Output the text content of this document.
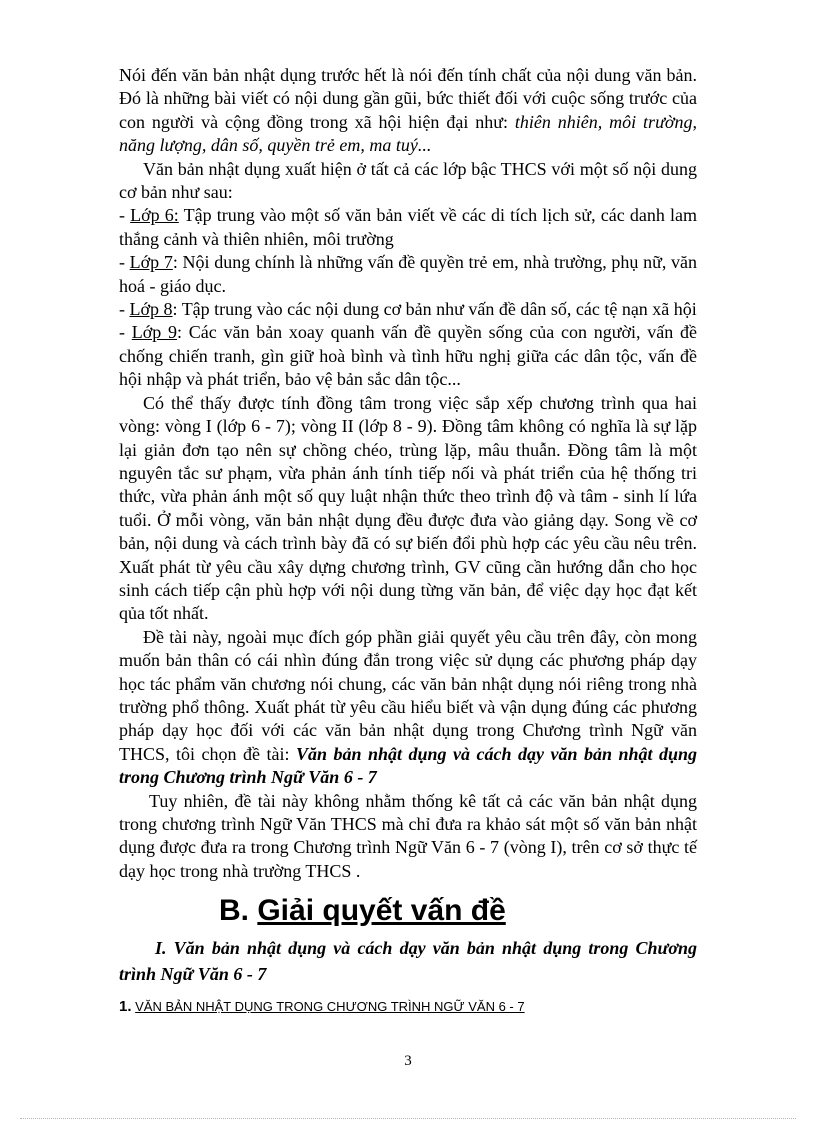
Nói đến văn bản nhật dụng trước hết là nói đến tính chất của nội dung văn bản. Đó là những bài viết có nội dung gần gũi, bức thiết đối với cuộc sống trước của con người và cộng đồng trong xã hội hiện đại như: thiên nhiên, môi trường, năng lượng, dân số, quyền trẻ em, ma tuý...

Văn bản nhật dụng xuất hiện ở tất cả các lớp bậc THCS với một số nội dung cơ bản như sau:

- Lớp 6: Tập trung vào một số văn bản viết về các di tích lịch sử, các danh lam thắng cảnh và thiên nhiên, môi trường

- Lớp 7: Nội dung chính là những vấn đề quyền trẻ em, nhà trường, phụ nữ, văn hoá - giáo dục.

- Lớp 8: Tập trung vào các nội dung cơ bản như vấn đề dân số, các tệ nạn xã hội

- Lớp 9: Các văn bản xoay quanh vấn đề quyền sống của con người, vấn đề chống chiến tranh, gìn giữ hoà bình và tình hữu nghị giữa các dân tộc, vấn đề hội nhập và phát triển, bảo vệ bản sắc dân tộc...

Có thể thấy được tính đồng tâm trong việc sắp xếp chương trình qua hai vòng: vòng I (lớp 6 - 7); vòng II (lớp 8 - 9). Đồng tâm không có nghĩa là sự lặp lại giản đơn tạo nên sự chồng chéo, trùng lặp, mâu thuẫn. Đồng tâm là một nguyên tắc sư phạm, vừa phản ánh tính tiếp nối và phát triển của hệ thống tri thức, vừa phản ánh một số quy luật nhận thức theo trình độ và tâm - sinh lí lứa tuổi. Ở mỗi vòng, văn bản nhật dụng đều được đưa vào giảng dạy. Song về cơ bản, nội dung và cách trình bày đã có sự biến đổi phù hợp các yêu cầu nêu trên. Xuất phát từ yêu cầu xây dựng chương trình, GV cũng cần hướng dẫn cho học sinh cách tiếp cận phù hợp với nội dung từng văn bản, để việc dạy học đạt kết qủa tốt nhất.

Đề tài này, ngoài mục đích góp phần giải quyết yêu cầu trên đây, còn mong muốn bản thân có cái nhìn đúng đắn trong việc sử dụng các phương pháp dạy học tác phẩm văn chương nói chung, các văn bản nhật dụng nói riêng trong nhà trường phổ thông. Xuất phát từ yêu cầu hiểu biết và vận dụng đúng các phương pháp dạy học đối với các văn bản nhật dụng trong Chương trình Ngữ văn THCS, tôi chọn đề tài: Văn bản nhật dụng và cách dạy văn bản nhật dụng trong Chương trình Ngữ Văn 6 - 7

Tuy nhiên, đề tài này không nhằm thống kê tất cả các văn bản nhật dụng trong chương trình Ngữ Văn THCS mà chỉ đưa ra khảo sát một số văn bản nhật dụng được đưa ra trong Chương trình Ngữ Văn 6 - 7 (vòng I), trên cơ sở thực tế dạy học trong nhà trường THCS .

B. Giải quyết vấn đề

I. Văn bản nhật dụng và cách dạy văn bản nhật dụng trong Chương trình Ngữ Văn 6 - 7

1. VĂN BẢN NHẬT DỤNG TRONG CHƯƠNG TRÌNH NGỮ VĂN 6 - 7

3
